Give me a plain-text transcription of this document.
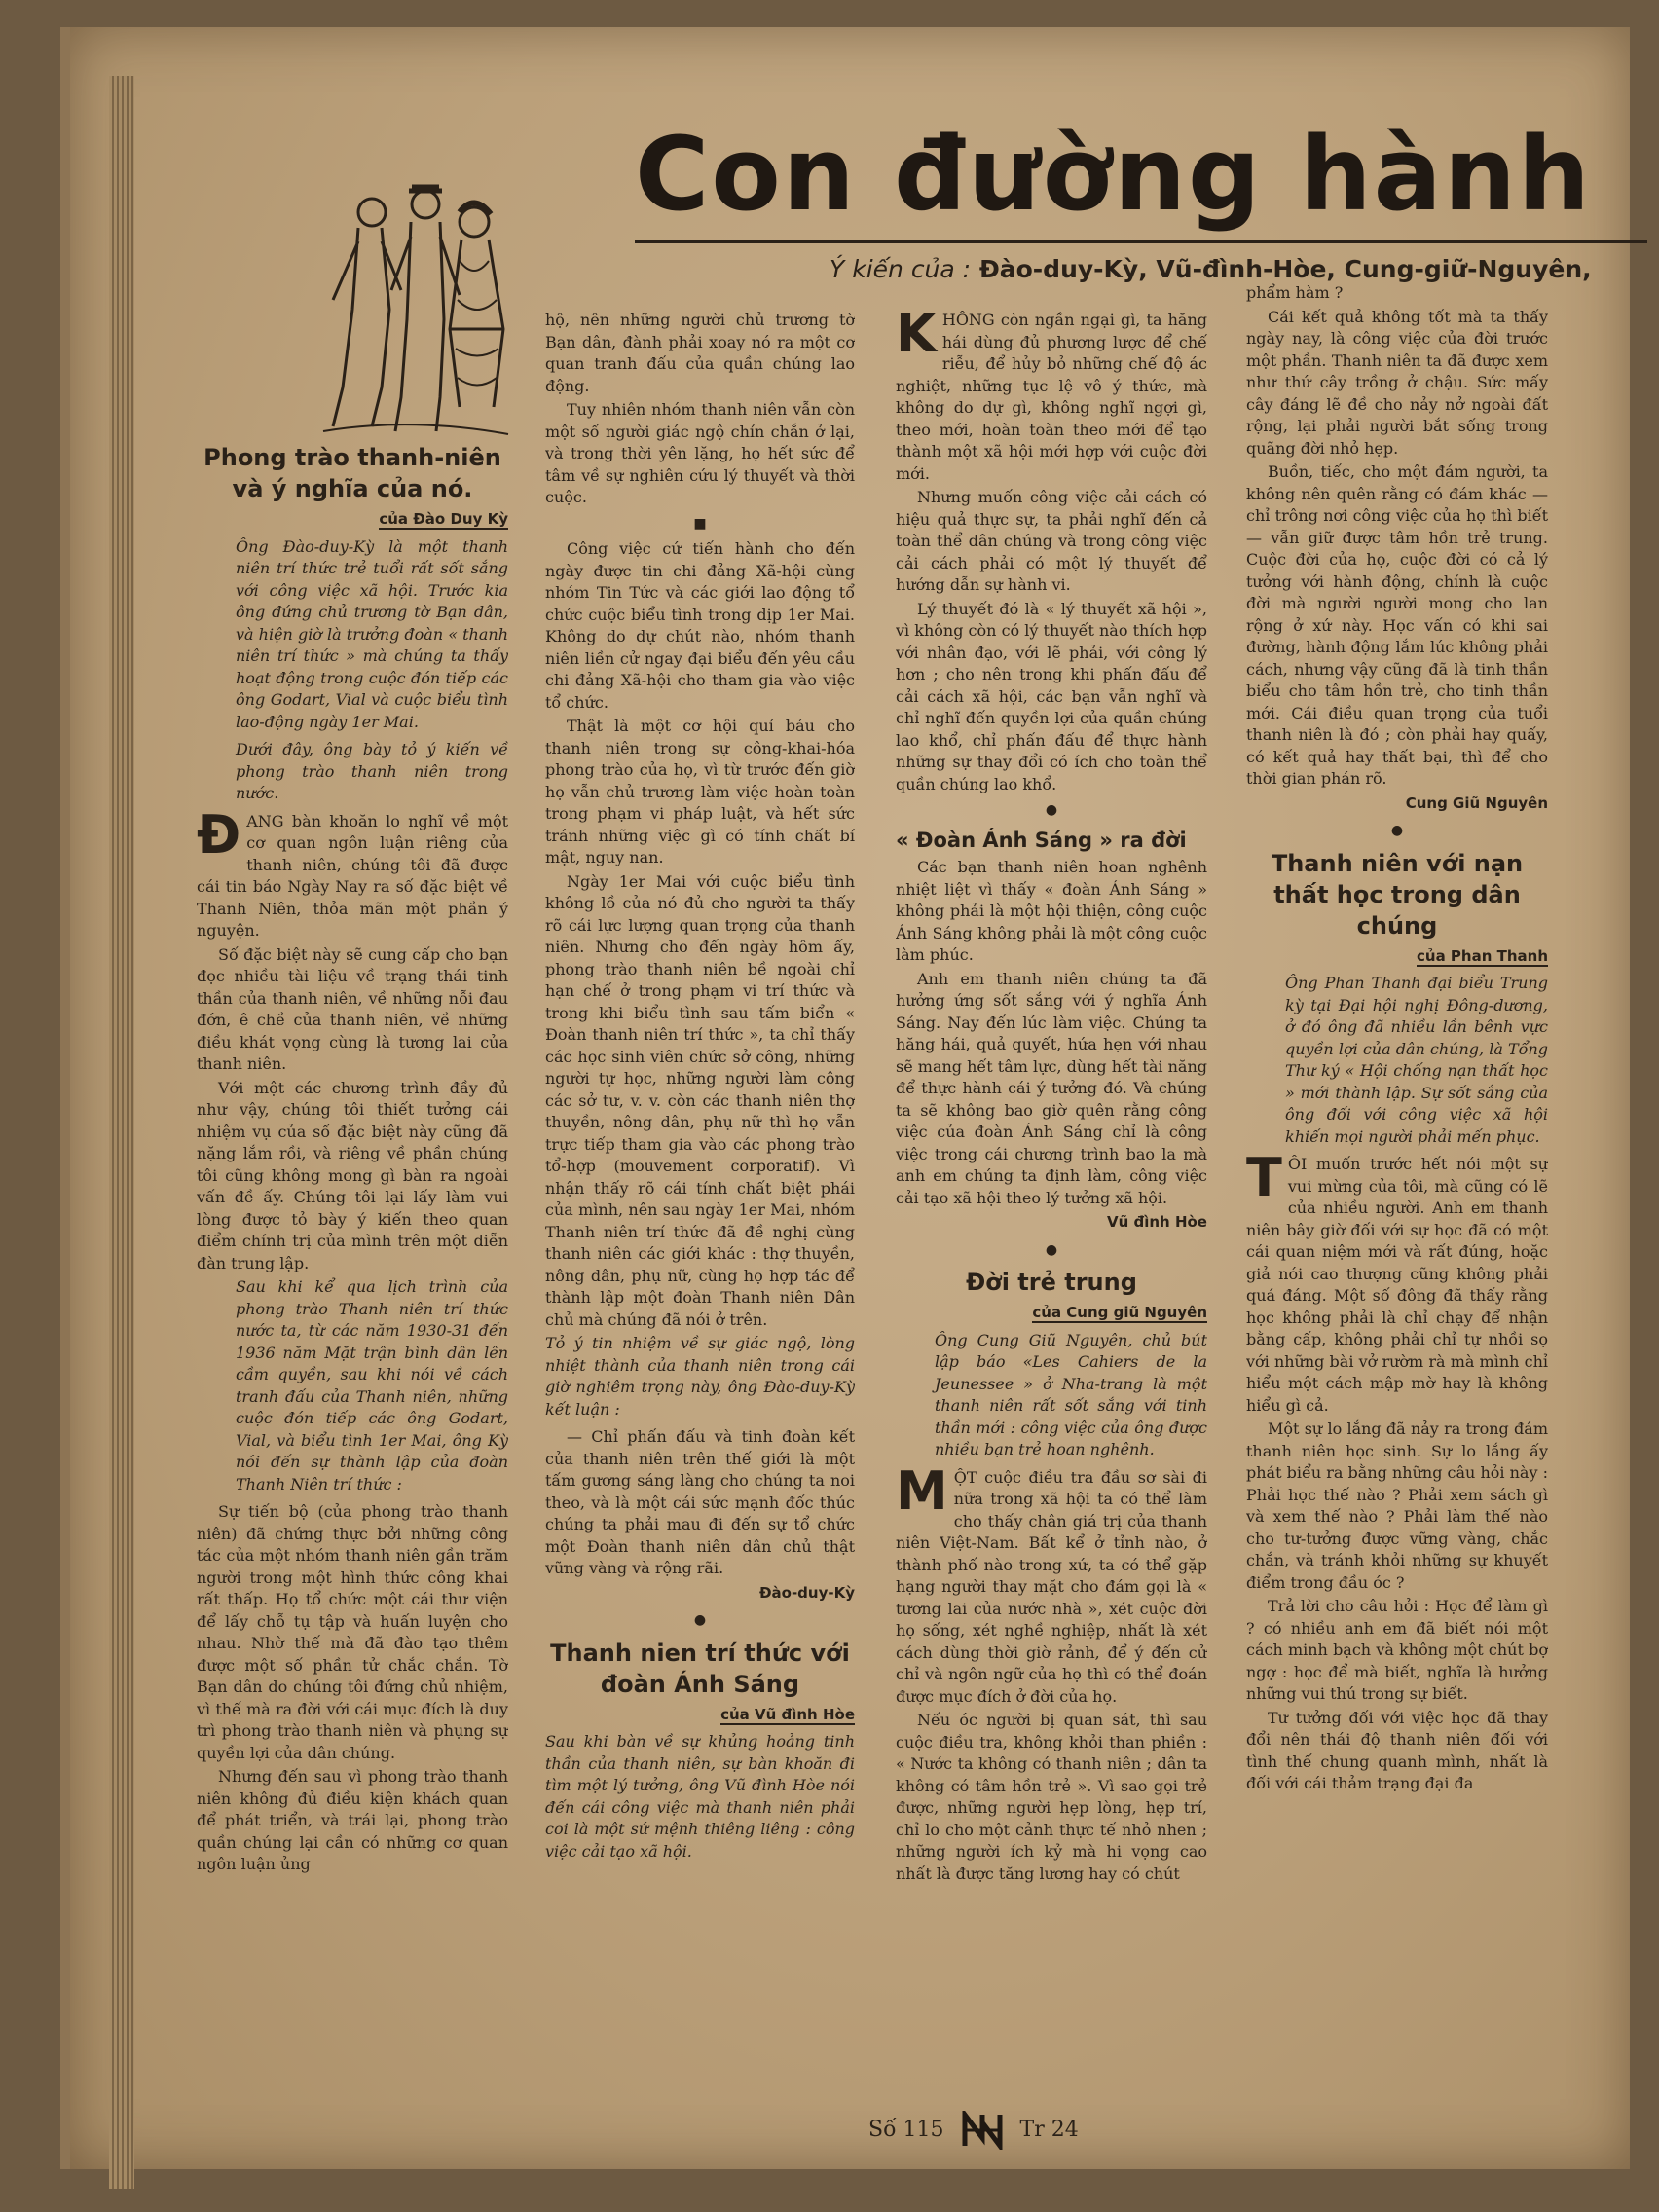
Con đường hành
Ý kiến của : Đào-duy-Kỳ, Vũ-đình-Hòe, Cung-giữ-Nguyên,
Phong trào thanh-niên và ý nghĩa của nó.
của Đào Duy Kỳ

Ông Đào-duy-Kỳ là một thanh niên trí thức trẻ tuổi rất sốt sắng với công việc xã hội. Trước kia ông đứng chủ trương tờ Bạn dân, và hiện giờ là trưởng đoàn « thanh niên trí thức » mà chúng ta thấy hoạt động trong cuộc đón tiếp các ông Godart, Vial và cuộc biểu tình lao-động ngày 1er Mai.

Dưới đây, ông bày tỏ ý kiến về phong trào thanh niên trong nước.

ĐANG bàn khoăn lo nghĩ về một cơ quan ngôn luận riêng của thanh niên, chúng tôi đã được cái tin báo Ngày Nay ra số đặc biệt về Thanh Niên, thỏa mãn một phần ý nguyện.

Số đặc biệt này sẽ cung cấp cho bạn đọc nhiều tài liệu về trạng thái tinh thần của thanh niên, về những nỗi đau đớn, ê chề của thanh niên, về những điều khát vọng cùng là tương lai của thanh niên.

Với một các chương trình đầy đủ như vậy, chúng tôi thiết tưởng cái nhiệm vụ của số đặc biệt này cũng đã nặng lắm rồi, và riêng về phần chúng tôi cũng không mong gì bàn ra ngoài vấn đề ấy. Chúng tôi lại lấy làm vui lòng được tỏ bày ý kiến theo quan điểm chính trị của mình trên một diễn đàn trung lập.

Sau khi kể qua lịch trình của phong trào Thanh niên trí thức nước ta, từ các năm 1930-31 đến 1936 năm Mặt trận bình dân lên cầm quyền, sau khi nói về cách tranh đấu của Thanh niên, những cuộc đón tiếp các ông Godart, Vial, và biểu tình 1er Mai, ông Kỳ nói đến sự thành lập của đoàn Thanh Niên trí thức :

Sự tiến bộ (của phong trào thanh niên) đã chứng thực bởi những công tác của một nhóm thanh niên gần trăm người trong một hình thức công khai rất thấp. Họ tổ chức một cái thư viện để lấy chỗ tụ tập và huấn luyện cho nhau. Nhờ thế mà đã đào tạo thêm được một số phần tử chắc chắn. Tờ Bạn dân do chúng tôi đứng chủ nhiệm, vì thế mà ra đời với cái mục đích là duy trì phong trào thanh niên và phụng sự quyền lợi của dân chúng.

Nhưng đến sau vì phong trào thanh niên không đủ điều kiện khách quan để phát triển, và trái lại, phong trào quần chúng lại cần có những cơ quan ngôn luận ủng

hộ, nên những người chủ trương tờ Bạn dân, đành phải xoay nó ra một cơ quan tranh đấu của quần chúng lao động.

Tuy nhiên nhóm thanh niên vẫn còn một số người giác ngộ chín chắn ở lại, và trong thời yên lặng, họ hết sức để tâm về sự nghiên cứu lý thuyết và thời cuộc.

■

Công việc cứ tiến hành cho đến ngày được tin chi đảng Xã-hội cùng nhóm Tin Tức và các giới lao động tổ chức cuộc biểu tình trong dịp 1er Mai. Không do dự chút nào, nhóm thanh niên liền cử ngay đại biểu đến yêu cầu chi đảng Xã-hội cho tham gia vào việc tổ chức.

Thật là một cơ hội quí báu cho thanh niên trong sự công-khai-hóa phong trào của họ, vì từ trước đến giờ họ vẫn chủ trương làm việc hoàn toàn trong phạm vi pháp luật, và hết sức tránh những việc gì có tính chất bí mật, nguy nan.

Ngày 1er Mai với cuộc biểu tình không lồ của nó đủ cho người ta thấy rõ cái lực lượng quan trọng của thanh niên. Nhưng cho đến ngày hôm ấy, phong trào thanh niên bề ngoài chỉ hạn chế ở trong phạm vi trí thức và trong khi biểu tình sau tấm biển « Đoàn thanh niên trí thức », ta chỉ thấy các học sinh viên chức sở công, những người tự học, những người làm công các sở tư, v. v. còn các thanh niên thợ thuyền, nông dân, phụ nữ thì họ vẫn trực tiếp tham gia vào các phong trào tổ-hợp (mouvement corporatif). Vì nhận thấy rõ cái tính chất biệt phái của mình, nên sau ngày 1er Mai, nhóm Thanh niên trí thức đã đề nghị cùng thanh niên các giới khác : thợ thuyền, nông dân, phụ nữ, cùng họ hợp tác để thành lập một đoàn Thanh niên Dân chủ mà chúng đã nói ở trên.

Tỏ ý tin nhiệm về sự giác ngộ, lòng nhiệt thành của thanh niên trong cái giờ nghiêm trọng này, ông Đào-duy-Kỳ kết luận :

— Chỉ phấn đấu và tinh đoàn kết của thanh niên trên thế giới là một tấm gương sáng làng cho chúng ta noi theo, và là một cái sức mạnh đốc thúc chúng ta phải mau đi đến sự tổ chức một Đoàn thanh niên dân chủ thật vững vàng và rộng rãi.

Đào-duy-Kỳ
●
Thanh nien trí thức với đoàn Ánh Sáng
của Vũ đình Hòe

Sau khi bàn về sự khủng hoảng tinh thần của thanh niên, sự bàn khoăn đi tìm một lý tưởng, ông Vũ đình Hòe nói đến cái công việc mà thanh niên phải coi là một sứ mệnh thiêng liêng : công việc cải tạo xã hội.

KHÔNG còn ngần ngại gì, ta hăng hái dùng đủ phương lược để chế riễu, để hủy bỏ những chế độ ác nghiệt, những tục lệ vô ý thức, mà không do dự gì, không nghĩ ngợi gì, theo mới, hoàn toàn theo mới để tạo thành một xã hội mới hợp với cuộc đời mới.

Nhưng muốn công việc cải cách có hiệu quả thực sự, ta phải nghĩ đến cả toàn thể dân chúng và trong công việc cải cách phải có một lý thuyết để hướng dẫn sự hành vi.

Lý thuyết đó là « lý thuyết xã hội », vì không còn có lý thuyết nào thích hợp với nhân đạo, với lẽ phải, với công lý hơn ; cho nên trong khi phấn đấu để cải cách xã hội, các bạn vẫn nghĩ và chỉ nghĩ đến quyền lợi của quần chúng lao khổ, chỉ phấn đấu để thực hành những sự thay đổi có ích cho toàn thể quần chúng lao khổ.

●
« Đoàn Ánh Sáng » ra đời

Các bạn thanh niên hoan nghênh nhiệt liệt vì thấy « đoàn Ánh Sáng » không phải là một hội thiện, công cuộc Ánh Sáng không phải là một công cuộc làm phúc.

Anh em thanh niên chúng ta đã hưởng ứng sốt sắng với ý nghĩa Ánh Sáng. Nay đến lúc làm việc. Chúng ta hăng hái, quả quyết, hứa hẹn với nhau sẽ mang hết tâm lực, dùng hết tài năng để thực hành cái ý tưởng đó. Và chúng ta sẽ không bao giờ quên rằng công việc của đoàn Ánh Sáng chỉ là công việc trong cái chương trình bao la mà anh em chúng ta định làm, công việc cải tạo xã hội theo lý tưởng xã hội.

Vũ đình Hòe
●
Đời trẻ trung
của Cung giũ Nguyên

Ông Cung Giũ Nguyên, chủ bút lập báo «Les Cahiers de la Jeunessee » ở Nha-trang là một thanh niên rất sốt sắng với tinh thần mới : công việc của ông được nhiều bạn trẻ hoan nghênh.

MỘT cuộc điều tra đầu sơ sài đi nữa trong xã hội ta có thể làm cho thấy chân giá trị của thanh niên Việt-Nam. Bất kể ở tỉnh nào, ở thành phố nào trong xứ, ta có thể gặp hạng người thay mặt cho đám gọi là « tương lai của nước nhà », xét cuộc đời họ sống, xét nghề nghiệp, nhất là xét cách dùng thời giờ rảnh, để ý đến cử chỉ và ngôn ngữ của họ thì có thể đoán được mục đích ở đời của họ.

Nếu óc người bị quan sát, thì sau cuộc điều tra, không khỏi than phiền : « Nước ta không có thanh niên ; dân ta không có tâm hồn trẻ ». Vì sao gọi trẻ được, những người hẹp lòng, hẹp trí, chỉ lo cho một cảnh thực tế nhỏ nhen ; những người ích kỷ mà hi vọng cao nhất là được tăng lương hay có chút

phẩm hàm ?

Cái kết quả không tốt mà ta thấy ngày nay, là công việc của đời trước một phần. Thanh niên ta đã được xem như thứ cây trồng ở chậu. Sức mấy cây đáng lẽ đề cho nảy nở ngoài đất rộng, lại phải người bắt sống trong quãng đời nhỏ hẹp.

Buồn, tiếc, cho một đám người, ta không nên quên rằng có đám khác — chỉ trông nơi công việc của họ thì biết — vẫn giữ được tâm hồn trẻ trung. Cuộc đời của họ, cuộc đời có cả lý tưởng với hành động, chính là cuộc đời mà người người mong cho lan rộng ở xứ này. Học vấn có khi sai đường, hành động lắm lúc không phải cách, nhưng vậy cũng đã là tinh thần biểu cho tâm hồn trẻ, cho tinh thần mới. Cái điều quan trọng của tuổi thanh niên là đó ; còn phải hay quấy, có kết quả hay thất bại, thì để cho thời gian phán rõ.

Cung Giũ Nguyên
●
Thanh niên với nạn thất học trong dân chúng
của Phan Thanh

Ông Phan Thanh đại biểu Trung kỳ tại Đại hội nghị Đông-dương, ở đó ông đã nhiều lần bênh vực quyền lợi của dân chúng, là Tổng Thư ký « Hội chống nạn thất học » mới thành lập. Sự sốt sắng của ông đối với công việc xã hội khiến mọi người phải mến phục.

TÔI muốn trước hết nói một sự vui mừng của tôi, mà cũng có lẽ của nhiều người. Anh em thanh niên bây giờ đối với sự học đã có một cái quan niệm mới và rất đúng, hoặc giả nói cao thượng cũng không phải quá đáng. Một số đông đã thấy rằng học không phải là chỉ chạy để nhận bằng cấp, không phải chỉ tự nhồi sọ với những bài vở rườm rà mà mình chỉ hiểu một cách mập mờ hay là không hiểu gì cả.

Một sự lo lắng đã nảy ra trong đám thanh niên học sinh. Sự lo lắng ấy phát biểu ra bằng những câu hỏi này : Phải học thế nào ? Phải xem sách gì và xem thế nào ? Phải làm thế nào cho tư-tưởng được vững vàng, chắc chắn, và tránh khỏi những sự khuyết điểm trong đầu óc ?

Trả lời cho câu hỏi : Học để làm gì ? có nhiều anh em đã biết nói một cách minh bạch và không một chút bợ ngợ : học để mà biết, nghĩa là hưởng những vui thú trong sự biết.

Tư tưởng đối với việc học đã thay đổi nên thái độ thanh niên đối với tình thế chung quanh mình, nhất là đối với cái thảm trạng đại đa

Số 115	Tr 24
